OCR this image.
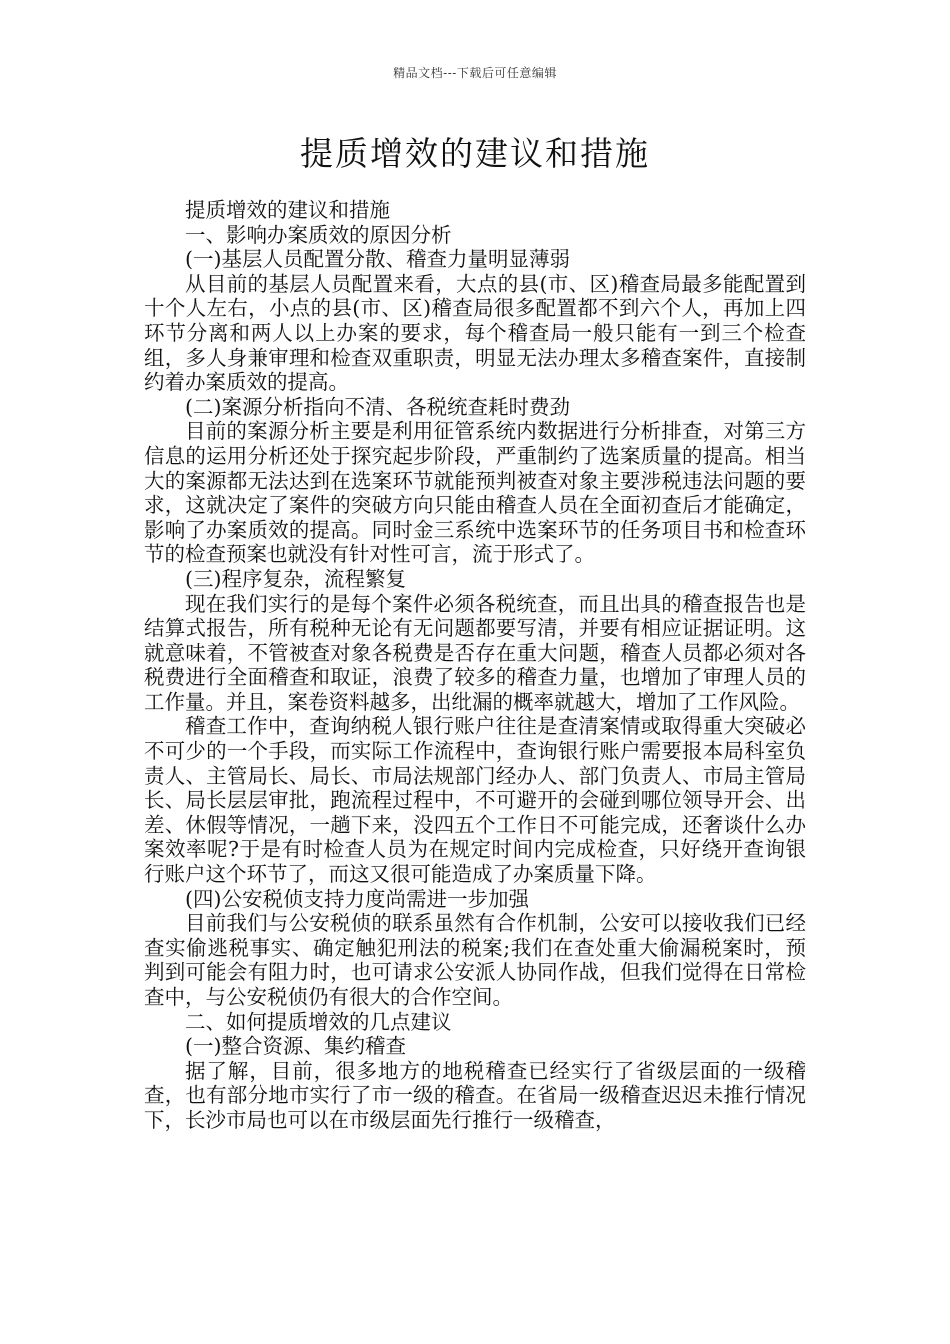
精品文档---下载后可任意编辑
提质增效的建议和措施

提质增效的建议和措施

一、影响办案质效的原因分析

(一)基层人员配置分散、稽查力量明显薄弱

从目前的基层人员配置来看，大点的县(市、区)稽查局最多能配置到十个人左右，小点的县(市、区)稽查局很多配置都不到六个人，再加上四环节分离和两人以上办案的要求，每个稽查局一般只能有一到三个检查组，多人身兼审理和检查双重职责，明显无法办理太多稽查案件，直接制约着办案质效的提高。

(二)案源分析指向不清、各税统查耗时费劲

目前的案源分析主要是利用征管系统内数据进行分析排查，对第三方信息的运用分析还处于探究起步阶段，严重制约了选案质量的提高。相当大的案源都无法达到在选案环节就能预判被查对象主要涉税违法问题的要求，这就决定了案件的突破方向只能由稽查人员在全面初查后才能确定，影响了办案质效的提高。同时金三系统中选案环节的任务项目书和检查环节的检查预案也就没有针对性可言，流于形式了。

(三)程序复杂，流程繁复

现在我们实行的是每个案件必须各税统查，而且出具的稽查报告也是结算式报告，所有税种无论有无问题都要写清，并要有相应证据证明。这就意味着，不管被查对象各税费是否存在重大问题，稽查人员都必须对各税费进行全面稽查和取证，浪费了较多的稽查力量，也增加了审理人员的工作量。并且，案卷资料越多，出纰漏的概率就越大，增加了工作风险。

稽查工作中，查询纳税人银行账户往往是查清案情或取得重大突破必不可少的一个手段，而实际工作流程中，查询银行账户需要报本局科室负责人、主管局长、局长、市局法规部门经办人、部门负责人、市局主管局长、局长层层审批，跑流程过程中，不可避开的会碰到哪位领导开会、出差、休假等情况，一趟下来，没四五个工作日不可能完成，还奢谈什么办案效率呢?于是有时检查人员为在规定时间内完成检查，只好绕开查询银行账户这个环节了，而这又很可能造成了办案质量下降。

(四)公安税侦支持力度尚需进一步加强

目前我们与公安税侦的联系虽然有合作机制，公安可以接收我们已经查实偷逃税事实、确定触犯刑法的税案;我们在查处重大偷漏税案时，预判到可能会有阻力时，也可请求公安派人协同作战，但我们觉得在日常检查中，与公安税侦仍有很大的合作空间。

二、如何提质增效的几点建议

(一)整合资源、集约稽查

据了解，目前，很多地方的地税稽查已经实行了省级层面的一级稽查，也有部分地市实行了市一级的稽查。在省局一级稽查迟迟未推行情况下，长沙市局也可以在市级层面先行推行一级稽查，
